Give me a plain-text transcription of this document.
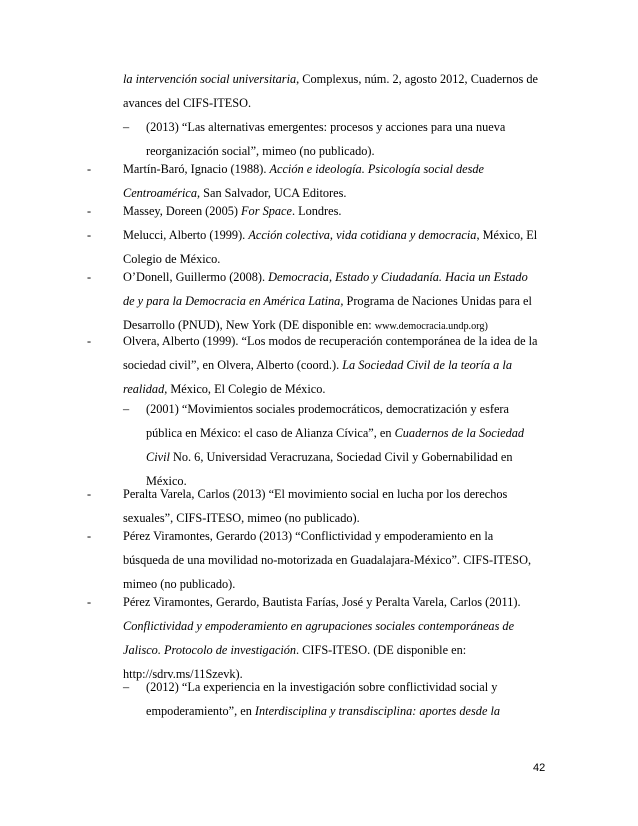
la intervención social universitaria, Complexus, núm. 2, agosto 2012, Cuadernos de
avances del CIFS-ITESO.
– (2013) “Las alternativas emergentes: procesos y acciones para una nueva
reorganización social”, mimeo (no publicado).
-	Martín-Baró, Ignacio (1988). Acción e ideología. Psicología social desde
Centroamérica, San Salvador, UCA Editores.
-	Massey, Doreen (2005) For Space. Londres.
-	Melucci, Alberto (1999). Acción colectiva, vida cotidiana y democracia, México, El
Colegio de México.
-	O’Donell, Guillermo (2008). Democracia, Estado y Ciudadanía. Hacia un Estado
de y para la Democracia en América Latina, Programa de Naciones Unidas para el
Desarrollo (PNUD), New York (DE disponible en: www.democracia.undp.org)
-	Olvera, Alberto (1999). “Los modos de recuperación contemporánea de la idea de la
sociedad civil”, en Olvera, Alberto (coord.). La Sociedad Civil de la teoría a la
realidad, México, El Colegio de México.
– (2001) “Movimientos sociales prodemocráticos, democratización y esfera
pública en México: el caso de Alianza Cívica”, en Cuadernos de la Sociedad
Civil No. 6, Universidad Veracruzana, Sociedad Civil y Gobernabilidad en
México.
-	Peralta Varela, Carlos (2013) “El movimiento social en lucha por los derechos
sexuales”, CIFS-ITESO, mimeo (no publicado).
-	Pérez Viramontes, Gerardo (2013) “Conflictividad y empoderamiento en la
búsqueda de una movilidad no-motorizada en Guadalajara-México”. CIFS-ITESO,
mimeo (no publicado).
-	Pérez Viramontes, Gerardo, Bautista Farías, José y Peralta Varela, Carlos (2011).
Conflictividad y empoderamiento en agrupaciones sociales contemporáneas de
Jalisco. Protocolo de investigación. CIFS-ITESO. (DE disponible en:
http://sdrv.ms/11Szevk).
– (2012) “La experiencia en la investigación sobre conflictividad social y
empoderamiento”, en Interdisciplina y transdisciplina: aportes desde la
42
